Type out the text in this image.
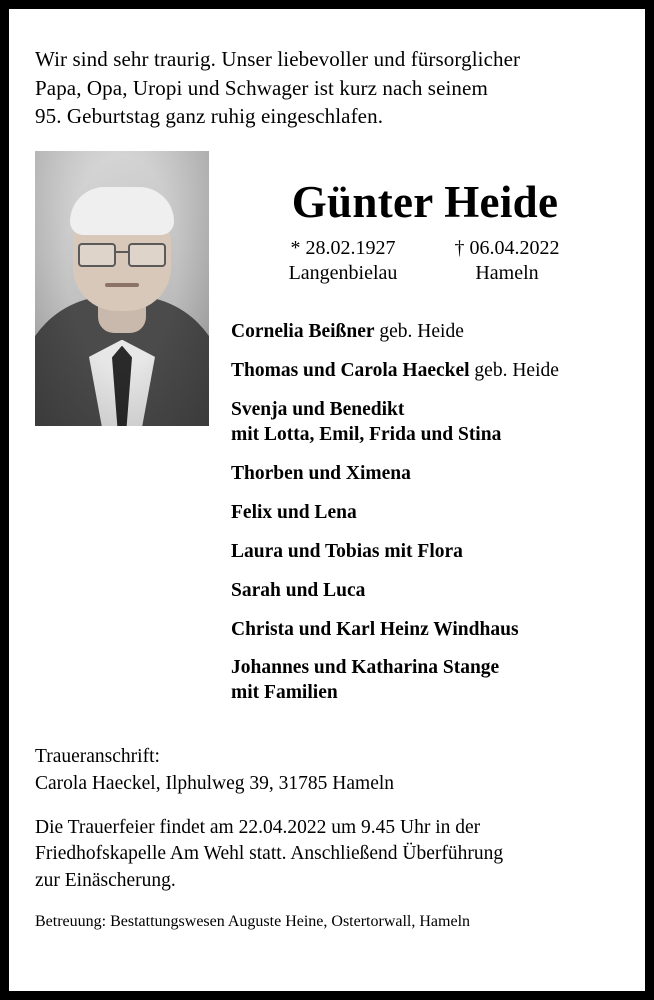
Wir sind sehr traurig. Unser liebevoller und fürsorglicher
Papa, Opa, Uropi und Schwager ist kurz nach seinem
95. Geburtstag ganz ruhig eingeschlafen.
Günter Heide
* 28.02.1927
Langenbielau
† 06.04.2022
Hameln
Cornelia Beißner geb. Heide
Thomas und Carola Haeckel geb. Heide
Svenja und Benedikt
mit Lotta, Emil, Frida und Stina
Thorben und Ximena
Felix und Lena
Laura und Tobias mit Flora
Sarah und Luca
Christa und Karl Heinz Windhaus
Johannes und Katharina Stange
mit Familien
Traueranschrift:
Carola Haeckel, Ilphulweg 39, 31785 Hameln
Die Trauerfeier findet am 22.04.2022 um 9.45 Uhr in der
Friedhofskapelle Am Wehl statt. Anschließend Überführung
zur Einäscherung.
Betreuung: Bestattungswesen Auguste Heine, Ostertorwall, Hameln
